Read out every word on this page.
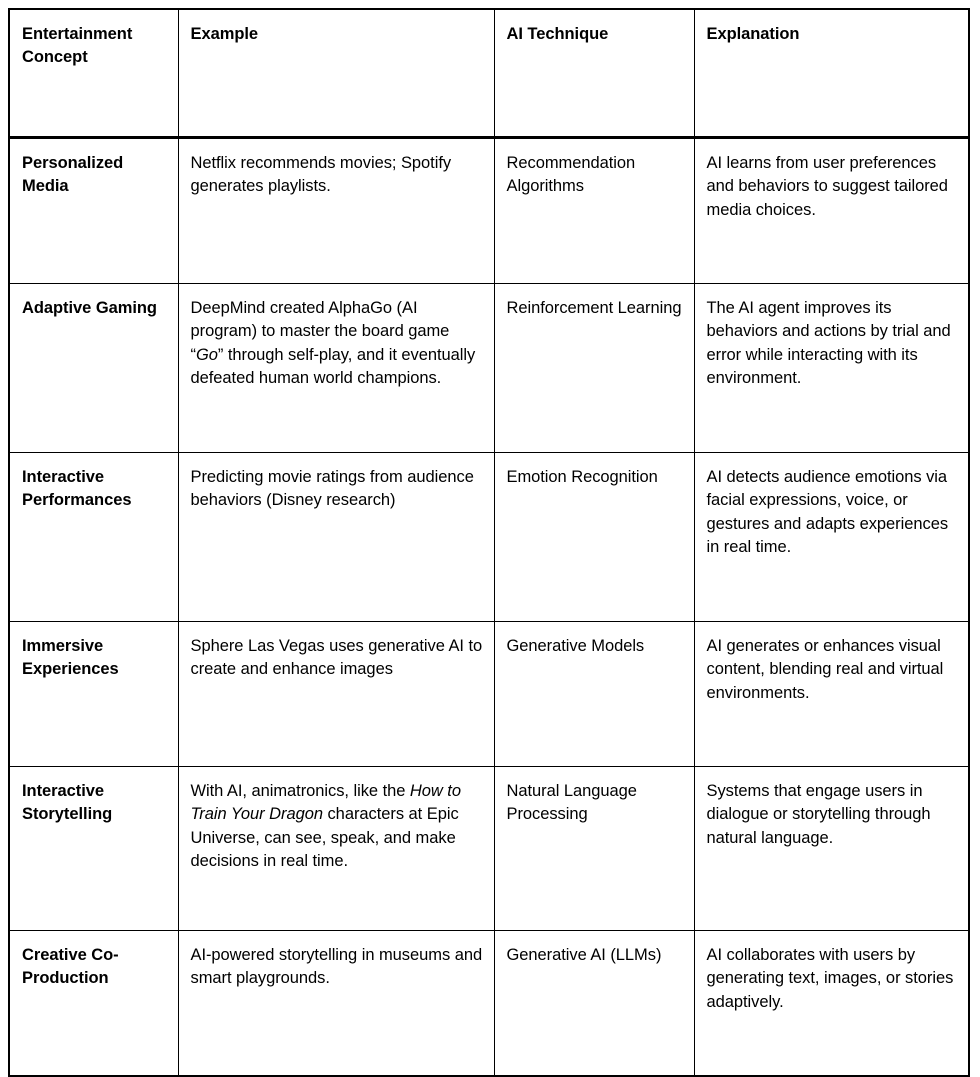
Entertainment Concept	Example	AI Technique	Explanation
Personalized Media	Netflix recommends movies; Spotify generates playlists.	Recommendation Algorithms	AI learns from user preferences and behaviors to suggest tailored media choices.
Adaptive Gaming	DeepMind created AlphaGo (AI program) to master the board game “Go” through self-play, and it eventually defeated human world champions.	Reinforcement Learning	The AI agent improves its behaviors and actions by trial and error while interacting with its environment.
Interactive Performances	Predicting movie ratings from audience behaviors (Disney research)	Emotion Recognition	AI detects audience emotions via facial expressions, voice, or gestures and adapts experiences in real time.
Immersive Experiences	Sphere Las Vegas uses generative AI to create and enhance images	Generative Models	AI generates or enhances visual content, blending real and virtual environments.
Interactive Storytelling	With AI, animatronics, like the How to Train Your Dragon characters at Epic Universe, can see, speak, and make decisions in real time.	Natural Language Processing	Systems that engage users in dialogue or storytelling through natural language.
Creative Co-Production	AI-powered storytelling in museums and smart playgrounds.	Generative AI (LLMs)	AI collaborates with users by generating text, images, or stories adaptively.
